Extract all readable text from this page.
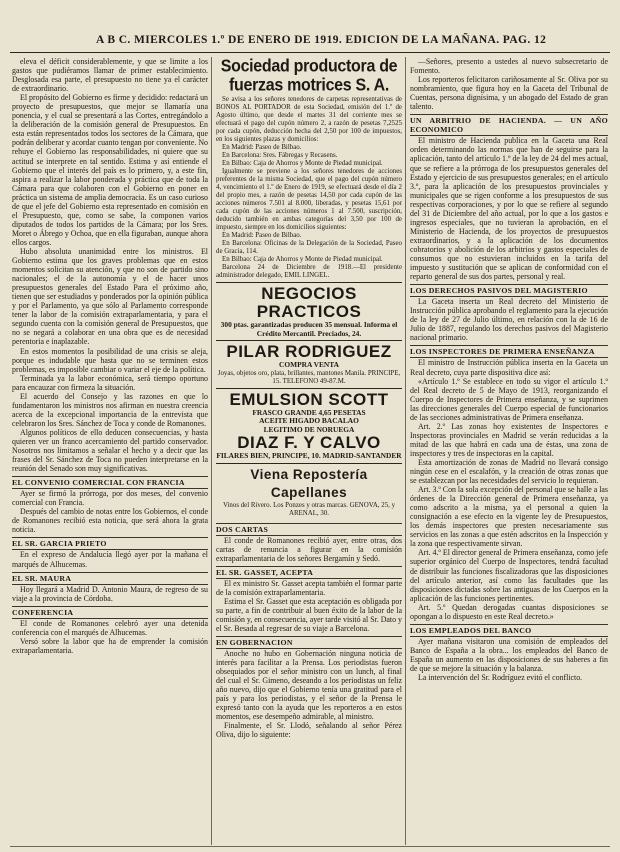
A B C. MIERCOLES 1.º DE ENERO DE 1919. EDICION DE LA MAÑANA. PAG. 12

eleva el déficit considerablemente, y que se limite a los gastos que pudiéramos llamar de primer establecimiento. Desglosada esa parte, el presupuesto no tiene ya el carácter de extraordinario.

El propósito del Gobierno es firme y decidido: redactará un proyecto de presupuestos, que mejor se llamaría una ponencia, y el cual se presentará a las Cortes, entregándolo a la deliberación de la comisión general de Presupuestos. En esta están representados todos los sectores de la Cámara, que podrán deliberar y acordar cuanto tengan por conveniente. No rehuye el Gobierno las responsabilidades, ni quiere que su actitud se interprete en tal sentido. Estima y así entiende el Gobierno que el interés del país es lo primero, y, a este fin, aspira a realizar la labor ponderada y práctica que de toda la Cámara para que colaboren con el Gobierno en poner en práctica un sistema de amplia democracia. Es un caso curioso de que el jefe del Gobierno esta representado en comisión en el Presupuesto, que, como se sabe, la componen varios diputados de todos los partidos de la Cámara; por los Sres. Moret o Ábrego y Ochoa, que en ella figuraban, aunque ahora ellos cargos.

Hubo absoluta unanimidad entre los ministros. El Gobierno estima que los graves problemas que en estos momentos solicitan su atención, y que no son de partido sino nacionales; el de la autonomía y el de hacer unos presupuestos generales del Estado Para el próximo año, tienen que ser estudiados y ponderados por la opinión pública y por el Parlamento, ya que sólo al Parlamento corresponde tener la labor de la comisión extraparlamentaria, y para el segundo cuenta con la comisión general de Presupuestos, que no se negará a colaborar en una obra que es de necesidad perentoria e inaplazable.

En estos momentos la posibilidad de una crisis se aleja, porque es indudable que hasta que no se terminen estos problemas, es imposible cambiar o variar el eje de la política.

Terminada ya la labor económica, será tiempo oportuno para encauzar con firmeza la situación.

El acuerdo del Consejo y las razones en que lo fundamentaron los ministros nos afirman en nuestra creencia acerca de la excepcional importancia de la entrevista que celebraron los Sres. Sánchez de Toca y conde de Romanones.

Algunos políticos de ello deducen consecuencias, y hasta quieren ver un franco acercamiento del partido conservador. Nosotros nos limitamos a señalar el hecho y a decir que las frases del Sr. Sánchez de Toca no pueden interpretarse en la reunión del Senado son muy significativas.

EL CONVENIO COMERCIAL CON FRANCIA

Ayer se firmó la prórroga, por dos meses, del convenio comercial con Francia.

Después del cambio de notas entre los Gobiernos, el conde de Romanones recibió esta noticia, que será ahora la grata noticia.

EL SR. GARCIA PRIETO

En el expreso de Andalucía llegó ayer por la mañana el marqués de Alhucemas.

EL SR. MAURA

Hoy llegará a Madrid D. Antonio Maura, de regreso de su viaje a la provincia de Córdoba.

CONFERENCIA

El conde de Romanones celebró ayer una detenida conferencia con el marqués de Alhucemas.

Versó sobre la labor que ha de emprender la comisión extraparlamentaria.

Sociedad productora de fuerzas motrices S. A.

Se avisa a los señores tenedores de carpetas representativas de BONOS AL PORTADOR de esta Sociedad, emisión del 1.º de Agosto último, que desde el martes 31 del corriente mes se efectuará el pago del cupón número 2, a razón de pesetas 7,2525 por cada cupón, deducción hecha del 2,50 por 100 de impuestos, en los siguientes plazas y domicilios:

En Madrid: Paseo de Bilbao.

En Barcelona: Sres. Fábregas y Recasens.

En Bilbao: Caja de Ahorros y Monte de Piedad municipal.

Igualmente se previene a los señores tenedores de acciones preferentes de la misma Sociedad, que el pago del cupón número 4, vencimiento el 1.º de Enero de 1919, se efectuará desde el día 2 del propio mes, a razón de pesetas 14,50 por cada cupón de las acciones números 7.501 al 8.000, liberadas, y pesetas 15,61 por cada cupón de las acciones números 1 al 7.500, suscripción, deducido también en ambas categorías del 3,50 por 100 de impuesto, siempre en los domicilios siguientes:

En Madrid: Paseo de Bilbao.

En Barcelona: Oficinas de la Delegación de la Sociedad, Paseo de Gracia, 114.

En Bilbao: Caja de Ahorros y Monte de Piedad municipal.

Barcelona 24 de Diciembre de 1918.—El presidente administrador delegado, EMIL LINGEL.

NEGOCIOS PRACTICOS
300 ptas. garantizadas producen 35 mensual. Informa el Crédito Mercantil. Preciados, 24.
PILAR RODRIGUEZ
COMPRA VENTA
Joyas, objetos oro, plata, brillantes, mantones Manila. PRINCIPE, 15. TELEFONO 49-87.M.
EMULSION SCOTT
FRASCO GRANDE 4,65 PESETAS
ACEITE HIGADO BACALAO
LEGITIMO DE NORUEGA
DIAZ F. Y CALVO
FILARES BIEN, PRINCIPE, 10. MADRID-SANTANDER
Viena Repostería Capellanes
Vinos del Rivero. Los Ponzes y otras marcas. GENOVA, 25, y ARENAL, 30.
DOS CARTAS

El conde de Romanones recibió ayer, entre otras, dos cartas de renuncia a figurar en la comisión extraparlamentaria de los señores Bergamín y Sedó.

EL SR. GASSET, ACEPTA

El ex ministro Sr. Gasset acepta también el formar parte de la comisión extraparlamentaria.

Estima el Sr. Gasset que esta aceptación es obligada por su parte, a fin de contribuir al buen éxito de la labor de la comisión y, en consecuencia, ayer tarde visitó al Sr. Dato y el Sr. Besada al regresar de su viaje a Barcelona.

EN GOBERNACION

Anoche no hubo en Gobernación ninguna noticia de interés para facilitar a la Prensa. Los periodistas fueron obsequiados por el señor ministro con un lunch, al final del cual el Sr. Gimeno, deseando a los periodistas un feliz año nuevo, dijo que el Gobierno tenía una gratitud para el país y para los periodistas, y el señor de la Prensa le expresó tanto con la ayuda que les reporteros a en estos momentos, ese desempeño admirable, al ministro.

Finalmente, el Sr. Llodó, señalando al señor Pérez Oliva, dijo lo siguiente:

—Señores, presento a ustedes al nuevo subsecretario de Fomento.

Los reporteros felicitaron cariñosamente al Sr. Oliva por su nombramiento, que figura hoy en la Gaceta del Tribunal de Cuentas, persona dignísima, y un abogado del Estado de gran talento.

UN ARBITRIO DE HACIENDA. — UN AÑO ECONOMICO

El ministro de Hacienda publica en la Gaceta una Real orden determinando las normas que han de seguirse para la aplicación, tanto del artículo 1.º de la ley de 24 del mes actual, que se refiere a la prórroga de los presupuestos generales del Estado y ejercicio de sus presupuestos generales; en el artículo 3.º, para la aplicación de los presupuestos provinciales y municipales que se rigen conforme a los presupuestos de sus respectivas corporaciones, y por lo que se refiere al segundo del 31 de Diciembre del año actual, por lo que a los gastos e ingresos especiales, que no tuvieran la aprobación, en el Ministerio de Hacienda, de los proyectos de presupuestos extraordinarios, y a la aplicación de los documentos cobratorios y abolición de los arbitrios y gastos especiales de consumos que no estuvieran incluidos en la tarifa del impuesto y sustitución que se aplican de conformidad con el reparto general de sus dos partes, personal y real.

LOS DERECHOS PASIVOS DEL MAGISTERIO

La Gaceta inserta un Real decreto del Ministerio de Instrucción pública aprobando el reglamento para la ejecución de la ley de 27 de Julio último, en relación con la de 16 de Julio de 1887, regulando los derechos pasivos del Magisterio nacional primario.

LOS INSPECTORES DE PRIMERA ENSEÑANZA

El ministro de Instrucción pública inserta en la Gaceta un Real decreto, cuya parte dispositiva dice así:

«Artículo 1.º Se establece en todo su vigor el artículo 1.º del Real decreto de 5 de Mayo de 1913, reorganizando el Cuerpo de Inspectores de Primera enseñanza, y se suprimen las direcciones generales del Cuerpo especial de funcionarios de las secciones administrativas de Primera enseñanza.

Art. 2.º Las zonas hoy existentes de Inspectores e Inspectoras provinciales en Madrid se verán reducidas a la mitad de las que habrá en cada una de éstas, una zona de inspectores y tres de inspectoras en la capital.

Esta amortización de zonas de Madrid no llevará consigo ningún cese en el escalafón, y la creación de otras zonas que se establezcan por las necesidades del servicio lo requieran.

Art. 3.º Con la sola excepción del personal que se halle a las órdenes de la Dirección general de Primera enseñanza, ya como adscrito a la misma, ya el personal a quien la consignación a ese efecto en la vigente ley de Presupuestos, los demás inspectores que presten necesariamente sus servicios en las zonas a que estén adscritos en la Inspección y la zona que respectivamente sirvan.

Art. 4.º El director general de Primera enseñanza, como jefe superior orgánico del Cuerpo de Inspectores, tendrá facultad de distribuir las funciones fiscalizadoras que las disposiciones del artículo anterior, así como las facultades que las disposiciones dictadas sobre las antiguas de los Cuerpos en la aplicación de las funciones pertinentes.

Art. 5.º Quedan derogadas cuantas disposiciones se opongan a lo dispuesto en este Real decreto.»

LOS EMPLEADOS DEL BANCO

Ayer mañana visitaron una comisión de empleados del Banco de España a la obra... los empleados del Banco de España un aumento en las disposiciones de sus haberes a fin de que se mejore la situación y la balanza.

La intervención del Sr. Rodríguez evitó el conflicto.
